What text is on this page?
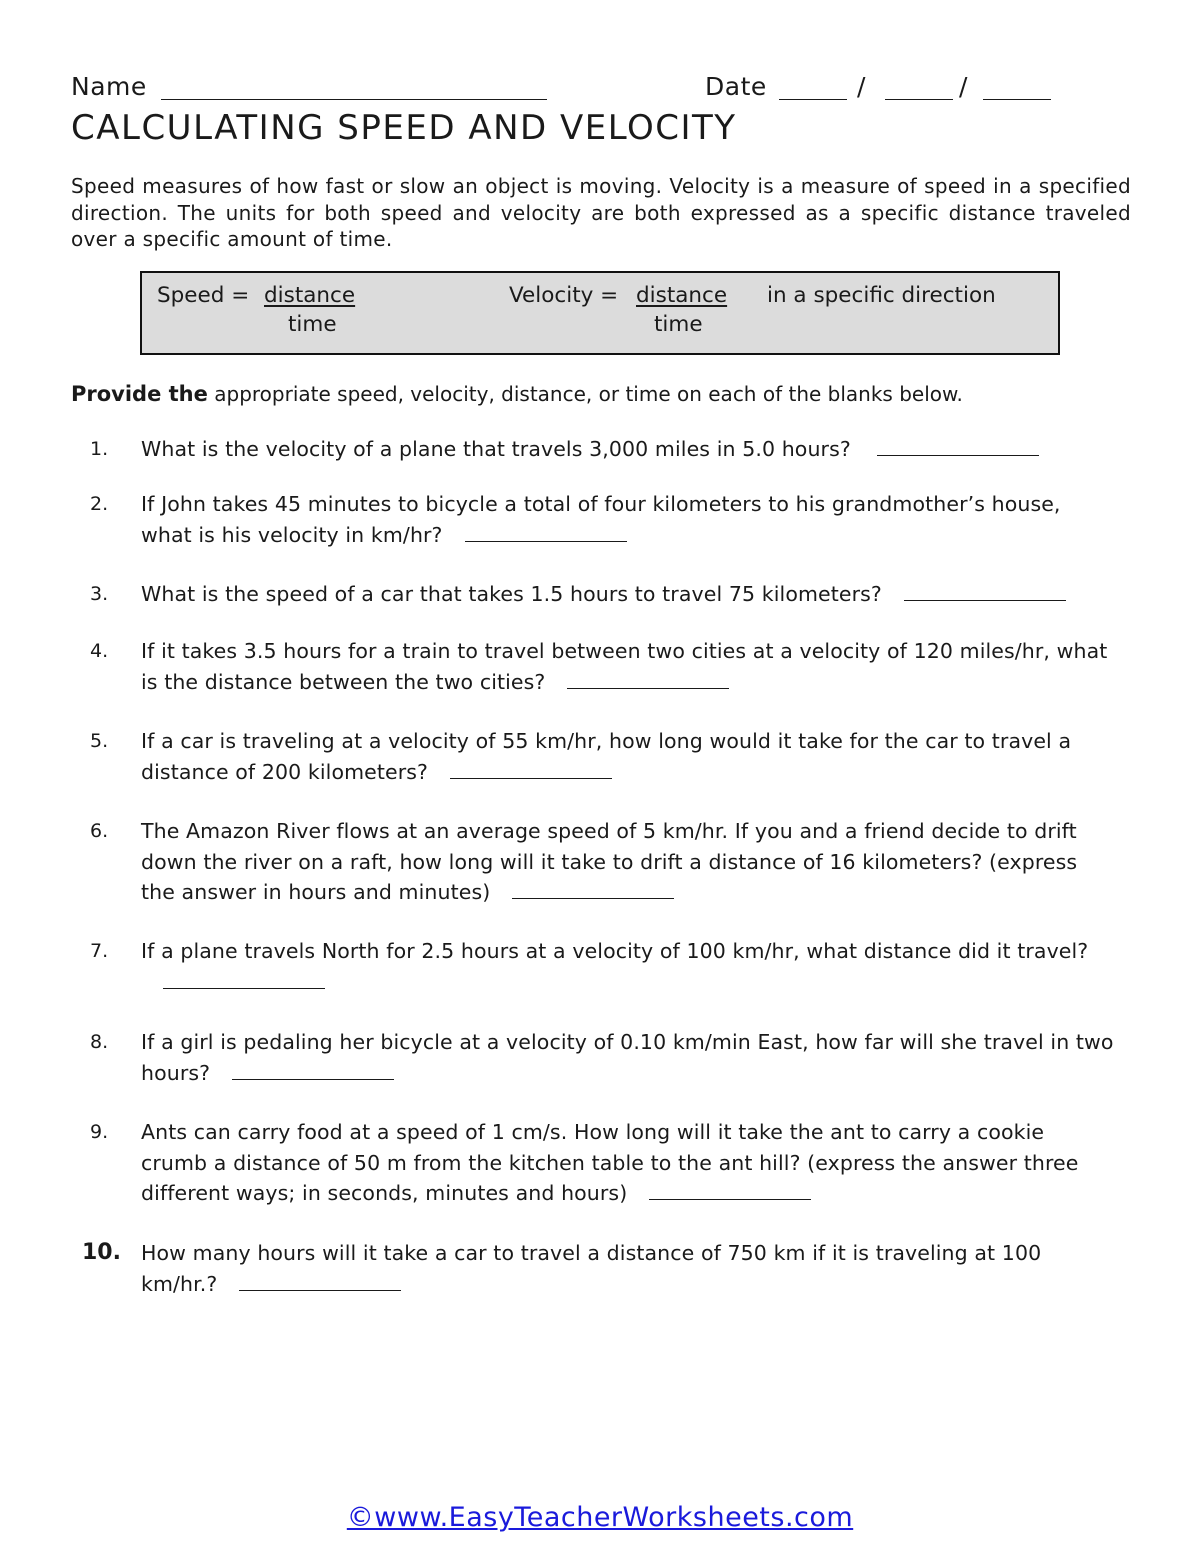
Name	Date	/	/
CALCULATING SPEED AND VELOCITY

Speed measures of how fast or slow an object is moving. Velocity is a measure of speed in a specified direction. The units for both speed and velocity are both expressed as a specific distance traveled over a specific amount of time.

Speed = distance
time
Velocity = distance
time
in a specific direction

Provide the appropriate speed, velocity, distance, or time on each of the blanks below.

1.	What is the velocity of a plane that travels 3,000 miles in 5.0 hours?
2.	If John takes 45 minutes to bicycle a total of four kilometers to his grandmother’s house, what is his velocity in km/hr?
3.	What is the speed of a car that takes 1.5 hours to travel 75 kilometers?
4.	If it takes 3.5 hours for a train to travel between two cities at a velocity of 120 miles/hr, what is the distance between the two cities?
5.	If a car is traveling at a velocity of 55 km/hr, how long would it take for the car to travel a distance of 200 kilometers?
6.	The Amazon River flows at an average speed of 5 km/hr. If you and a friend decide to drift down the river on a raft, how long will it take to drift a distance of 16 kilometers? (express the answer in hours and minutes)
7.	If a plane travels North for 2.5 hours at a velocity of 100 km/hr, what distance did it travel?
8.	If a girl is pedaling her bicycle at a velocity of 0.10 km/min East, how far will she travel in two hours?
9.	Ants can carry food at a speed of 1 cm/s. How long will it take the ant to carry a cookie crumb a distance of 50 m from the kitchen table to the ant hill? (express the answer three different ways; in seconds, minutes and hours)
10. How many hours will it take a car to travel a distance of 750 km if it is traveling at 100 km/hr.?
©www.EasyTeacherWorksheets.com
